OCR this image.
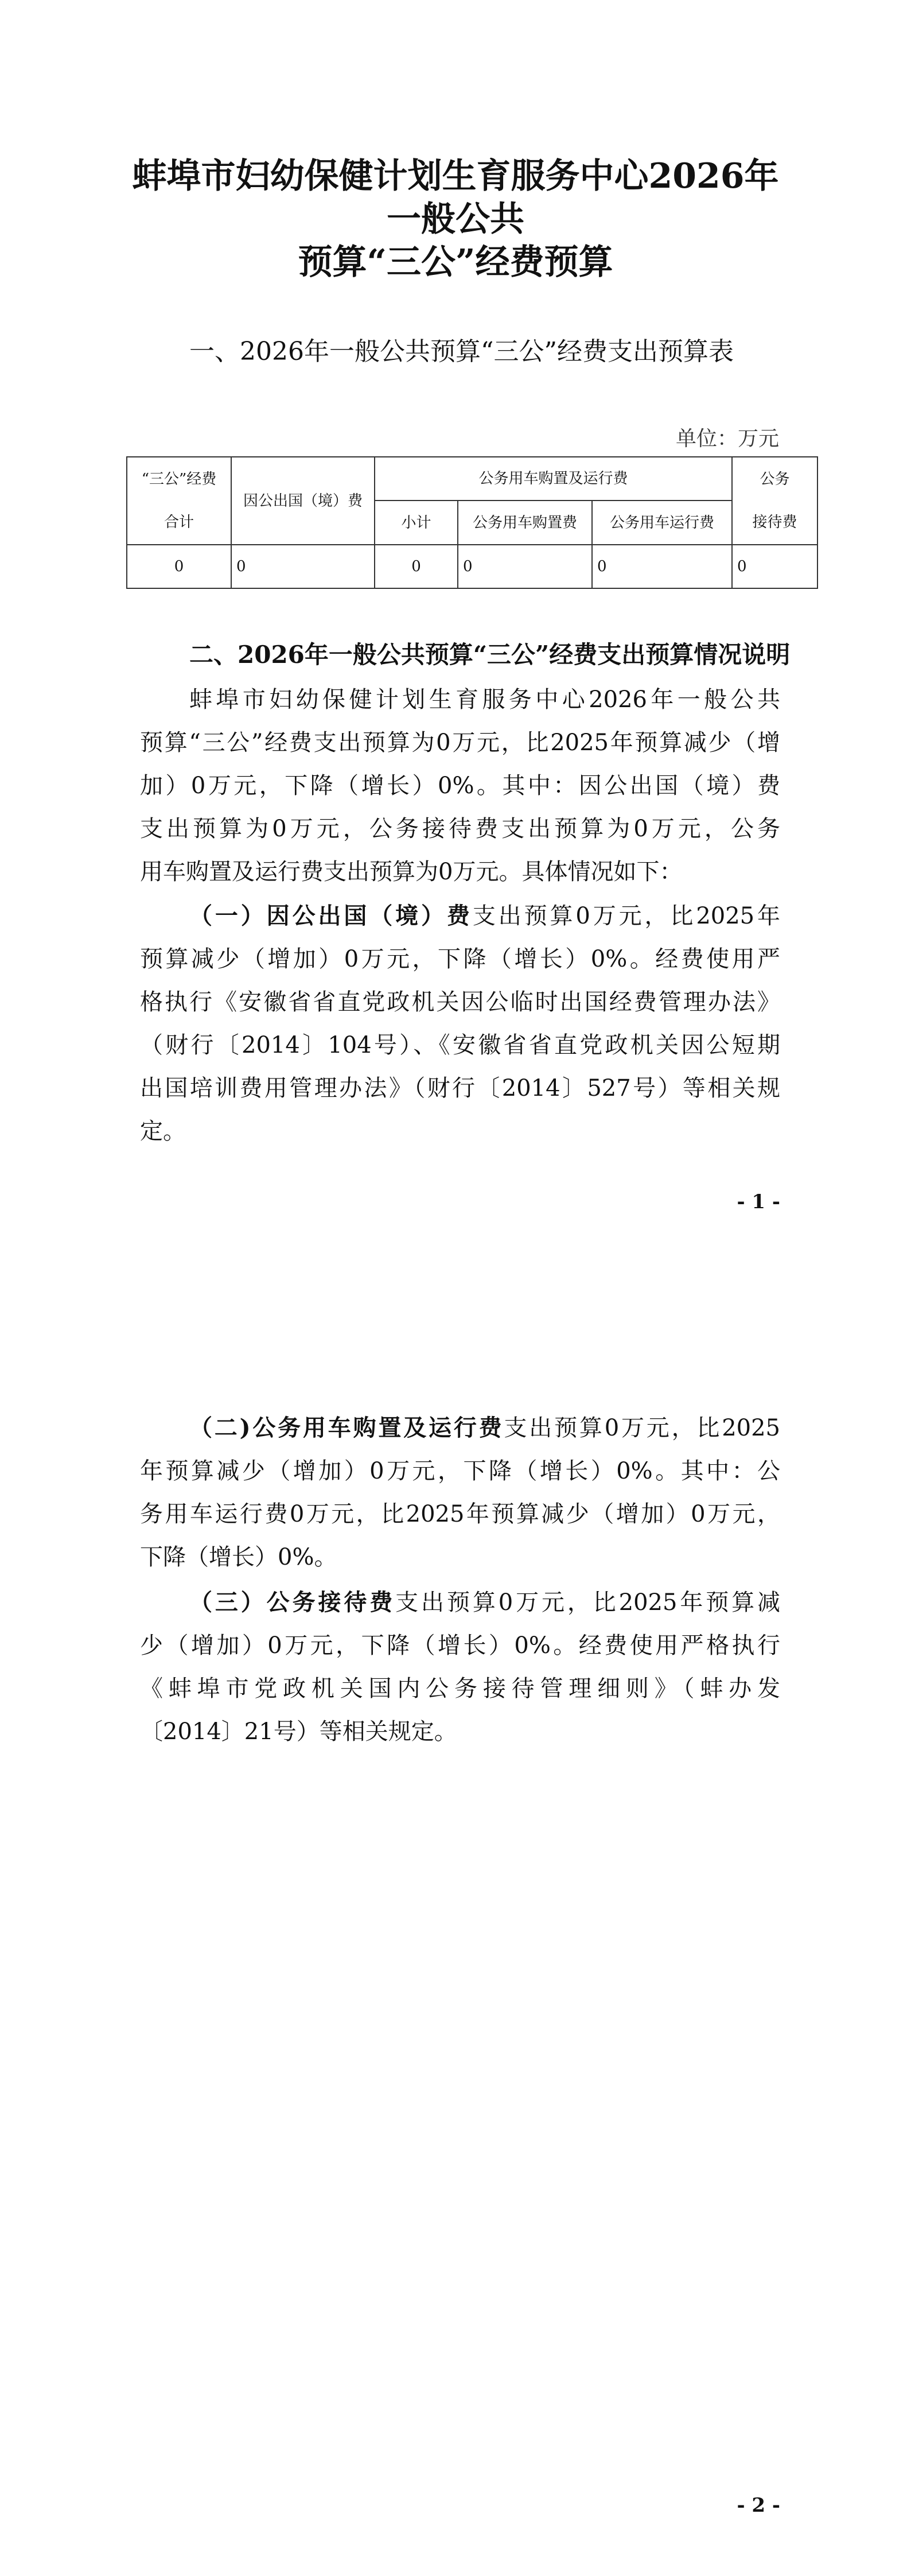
蚌埠市妇幼保健计划生育服务中心2026年
一般公共
预算“三公”经费预算
一、2026年一般公共预算“三公”经费支出预算表
单位：万元
“三公”经费	因公出国（境）费	公务用车购置及运行费			公务
合计		小计	公务用车购置费	公务用车运行费	接待费
0	0	0	0	0	0
二、2026年一般公共预算“三公”经费支出预算情况说明
蚌埠市妇幼保健计划生育服务中心2026年一般公共
预算“三公”经费支出预算为0万元，比2025年预算减少（增
加）0万元，下降（增长）0%。其中：因公出国（境）费
支出预算为0万元，公务接待费支出预算为0万元，公务
用车购置及运行费支出预算为0万元。具体情况如下：
（一）因公出国（境）费支出预算0万元，比2025年
预算减少（增加）0万元，下降（增长）0%。经费使用严
格执行《安徽省省直党政机关因公临时出国经费管理办法》
（财行〔2014〕104号）、《安徽省省直党政机关因公短期
出国培训费用管理办法》（财行〔2014〕527号）等相关规
定。
- 1 -
（二)公务用车购置及运行费支出预算0万元，比2025
年预算减少（增加）0万元，下降（增长）0%。其中：公
务用车运行费0万元，比2025年预算减少（增加）0万元，
下降（增长）0%。
（三）公务接待费支出预算0万元，比2025年预算减
少（增加）0万元，下降（增长）0%。经费使用严格执行
《蚌埠市党政机关国内公务接待管理细则》（蚌办发
〔2014〕21号）等相关规定。
- 2 -
